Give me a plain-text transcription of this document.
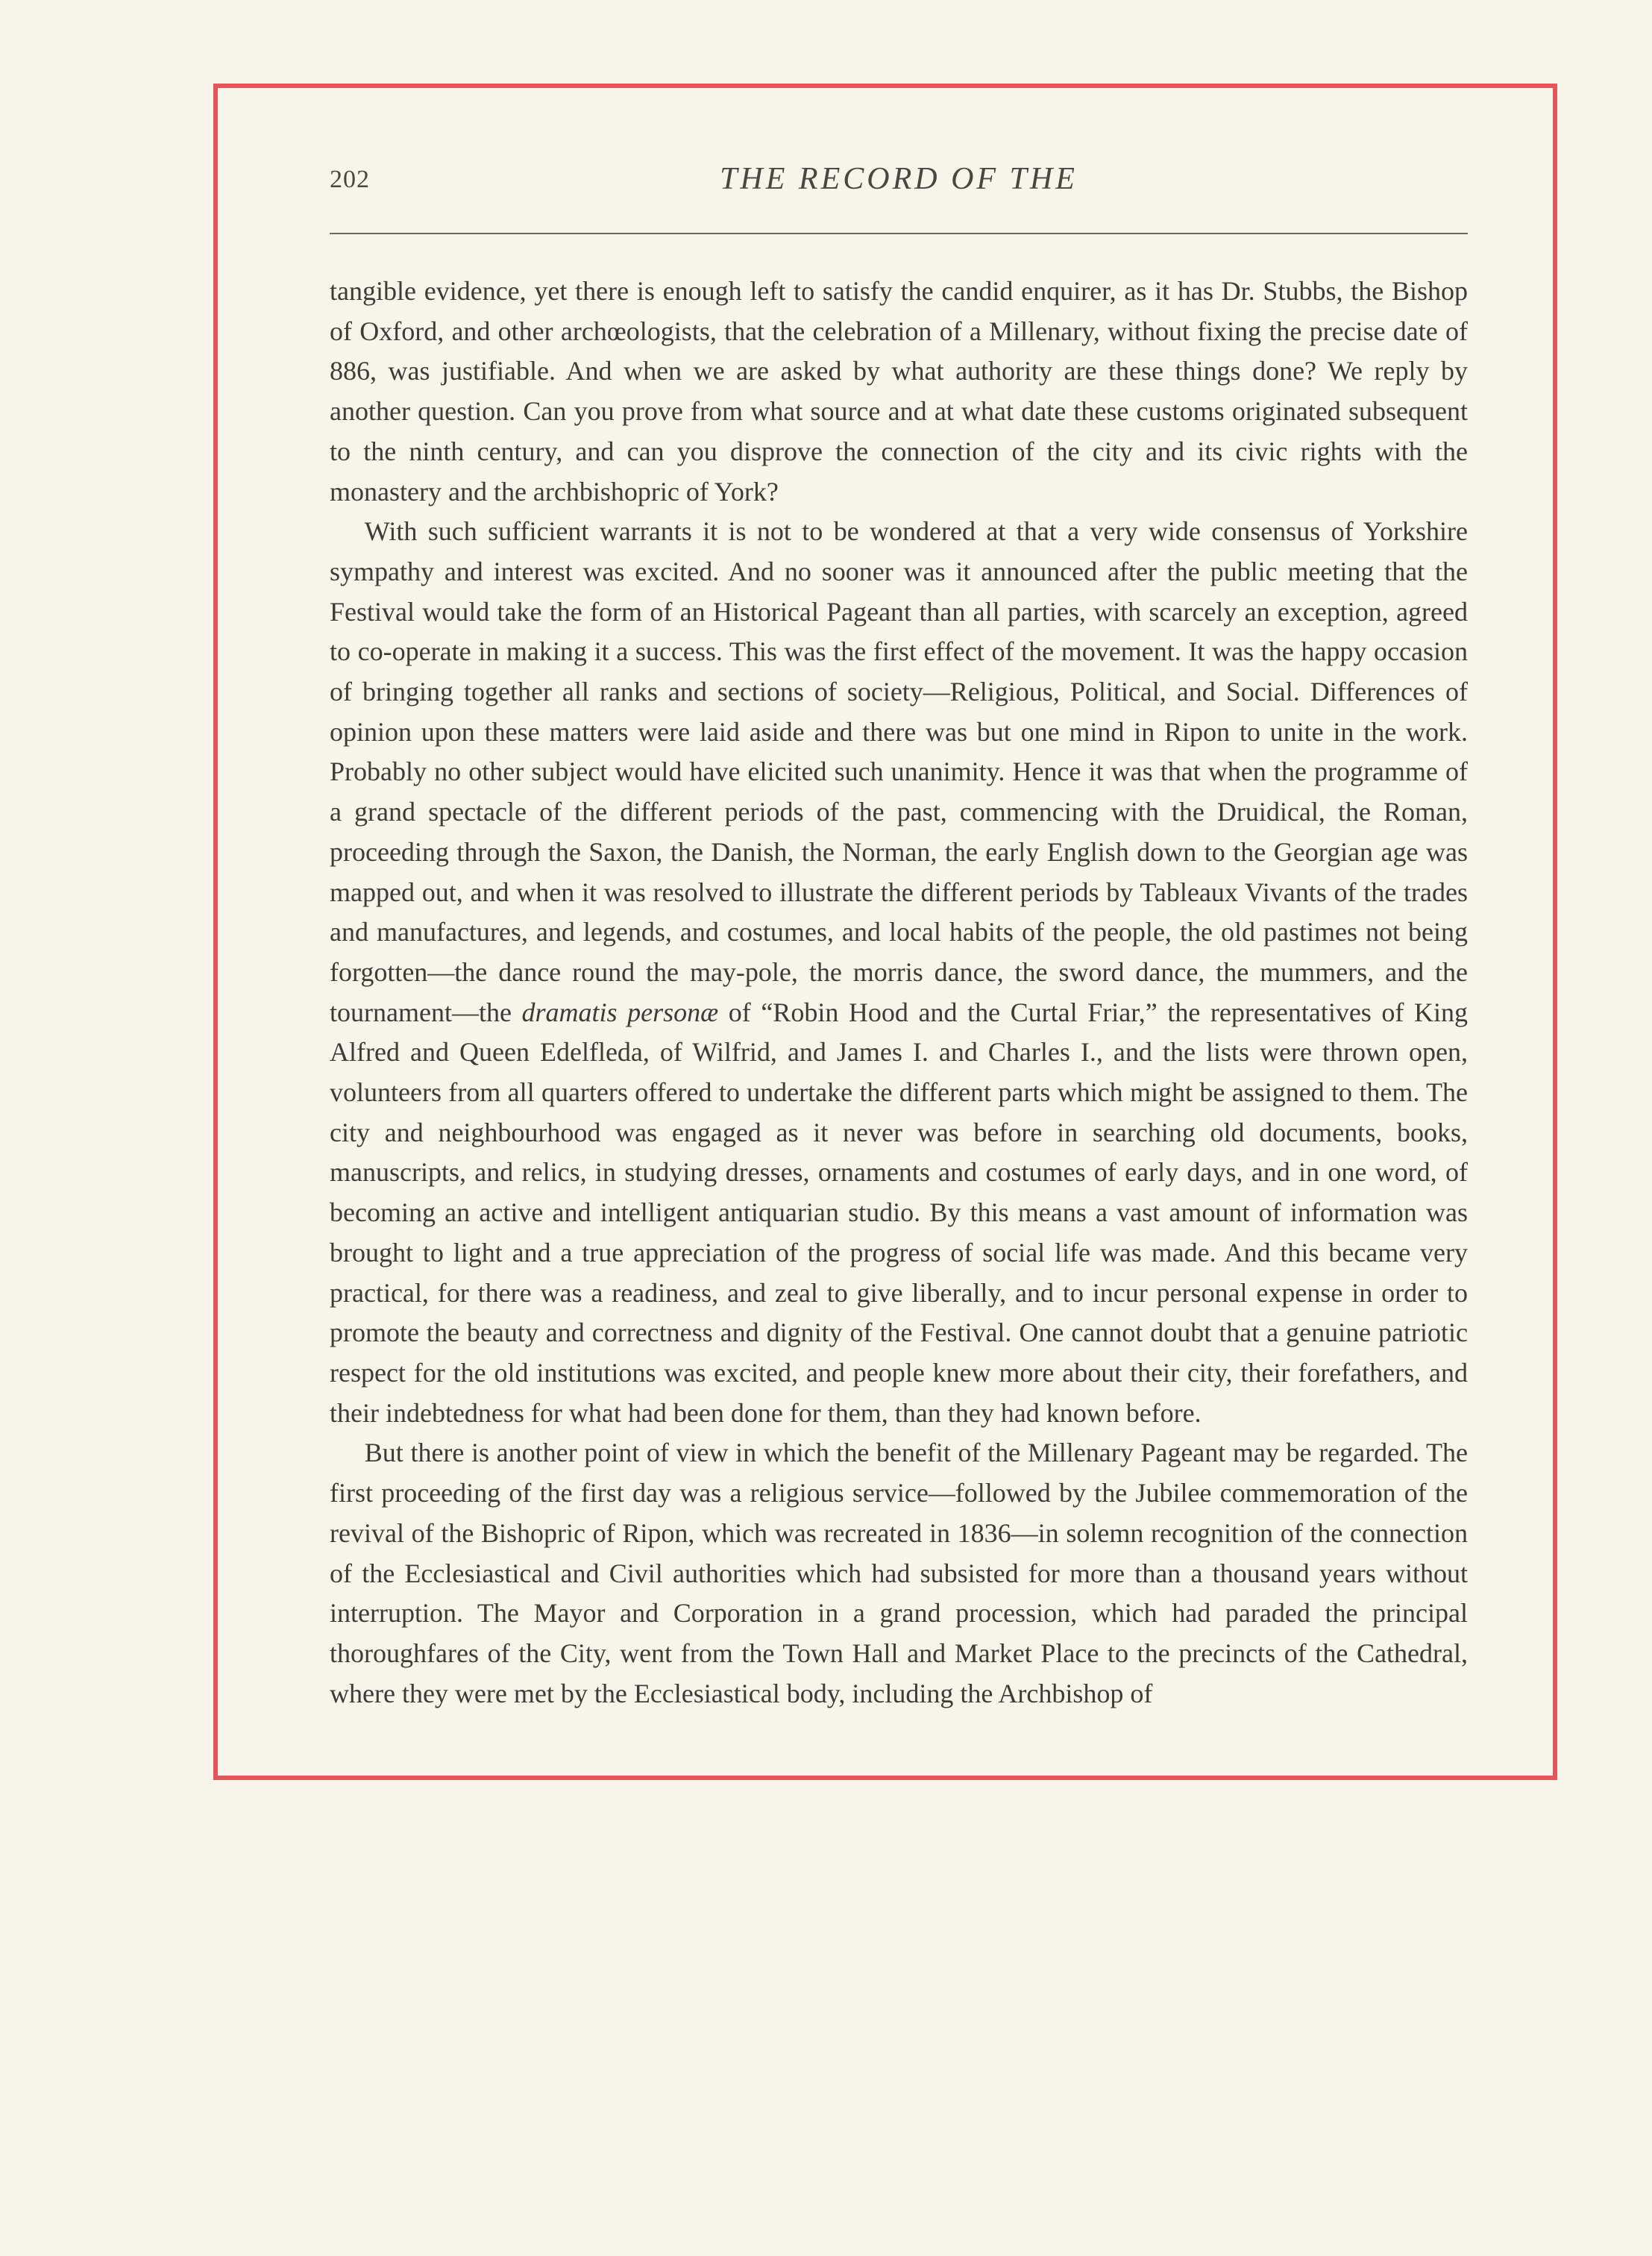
202	THE RECORD OF THE

tangible evidence, yet there is enough left to satisfy the candid enquirer, as it has Dr. Stubbs, the Bishop of Oxford, and other archœologists, that the celebration of a Millenary, without fixing the precise date of 886, was justifiable. And when we are asked by what authority are these things done? We reply by another question. Can you prove from what source and at what date these customs originated subsequent to the ninth century, and can you disprove the connection of the city and its civic rights with the monastery and the archbishopric of York?

With such sufficient warrants it is not to be wondered at that a very wide consensus of Yorkshire sympathy and interest was excited. And no sooner was it announced after the public meeting that the Festival would take the form of an Historical Pageant than all parties, with scarcely an exception, agreed to co-operate in making it a success. This was the first effect of the movement. It was the happy occasion of bringing together all ranks and sections of society—Religious, Political, and Social. Differences of opinion upon these matters were laid aside and there was but one mind in Ripon to unite in the work. Probably no other subject would have elicited such unanimity. Hence it was that when the programme of a grand spectacle of the different periods of the past, commencing with the Druidical, the Roman, proceeding through the Saxon, the Danish, the Norman, the early English down to the Georgian age was mapped out, and when it was resolved to illustrate the different periods by Tableaux Vivants of the trades and manufactures, and legends, and costumes, and local habits of the people, the old pastimes not being forgotten—the dance round the may-pole, the morris dance, the sword dance, the mummers, and the tournament—the dramatis personæ of “Robin Hood and the Curtal Friar,” the representatives of King Alfred and Queen Edelfleda, of Wilfrid, and James I. and Charles I., and the lists were thrown open, volunteers from all quarters offered to undertake the different parts which might be assigned to them. The city and neighbourhood was engaged as it never was before in searching old documents, books, manuscripts, and relics, in studying dresses, ornaments and costumes of early days, and in one word, of becoming an active and intelligent antiquarian studio. By this means a vast amount of information was brought to light and a true appreciation of the progress of social life was made. And this became very practical, for there was a readiness, and zeal to give liberally, and to incur personal expense in order to promote the beauty and correctness and dignity of the Festival. One cannot doubt that a genuine patriotic respect for the old institutions was excited, and people knew more about their city, their forefathers, and their indebtedness for what had been done for them, than they had known before.

But there is another point of view in which the benefit of the Millenary Pageant may be regarded. The first proceeding of the first day was a religious service—followed by the Jubilee commemoration of the revival of the Bishopric of Ripon, which was recreated in 1836—in solemn recognition of the connection of the Ecclesiastical and Civil authorities which had subsisted for more than a thousand years without interruption. The Mayor and Corporation in a grand procession, which had paraded the principal thoroughfares of the City, went from the Town Hall and Market Place to the precincts of the Cathedral, where they were met by the Ecclesiastical body, including the Archbishop of
